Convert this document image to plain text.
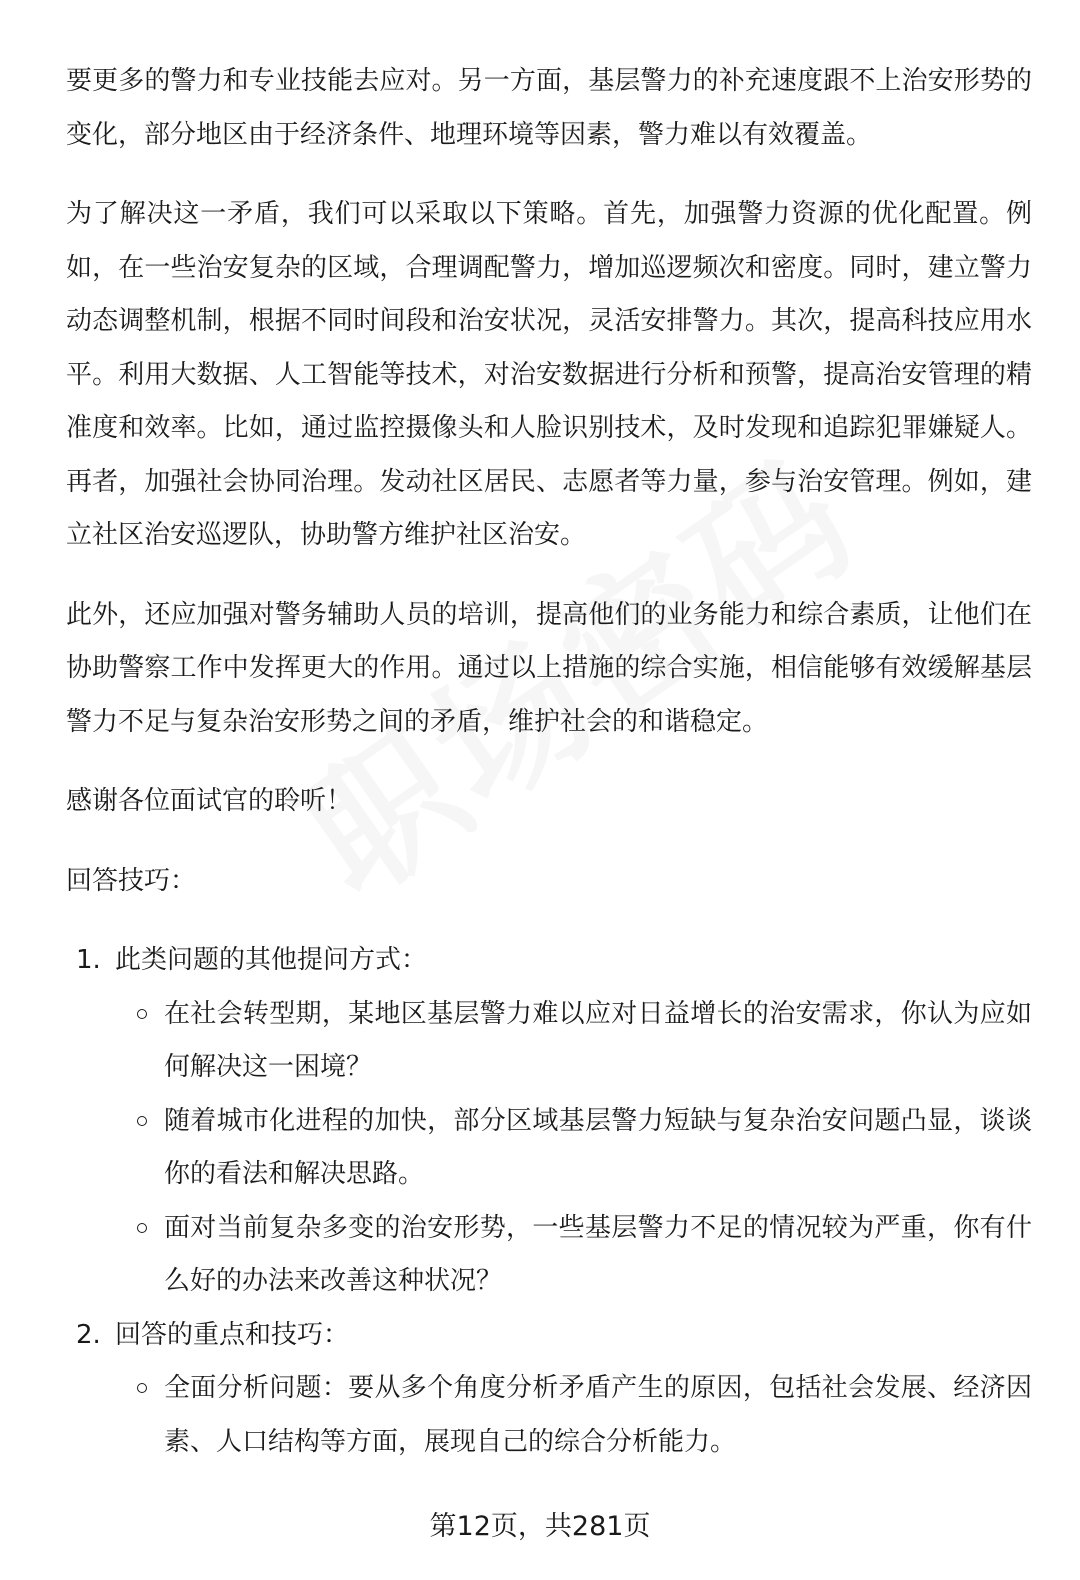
要更多的警力和专业技能去应对。另一方面，基层警力的补充速度跟不上治安形势的变化，部分地区由于经济条件、地理环境等因素，警力难以有效覆盖。

为了解决这一矛盾，我们可以采取以下策略。首先，加强警力资源的优化配置。例如，在一些治安复杂的区域，合理调配警力，增加巡逻频次和密度。同时，建立警力动态调整机制，根据不同时间段和治安状况，灵活安排警力。其次，提高科技应用水平。利用大数据、人工智能等技术，对治安数据进行分析和预警，提高治安管理的精准度和效率。比如，通过监控摄像头和人脸识别技术，及时发现和追踪犯罪嫌疑人。再者，加强社会协同治理。发动社区居民、志愿者等力量，参与治安管理。例如，建立社区治安巡逻队，协助警方维护社区治安。

此外，还应加强对警务辅助人员的培训，提高他们的业务能力和综合素质，让他们在协助警察工作中发挥更大的作用。通过以上措施的综合实施，相信能够有效缓解基层警力不足与复杂治安形势之间的矛盾，维护社会的和谐稳定。

感谢各位面试官的聆听！

回答技巧：

1. 此类问题的其他提问方式：
在社会转型期，某地区基层警力难以应对日益增长的治安需求，你认为应如何解决这一困境？
随着城市化进程的加快，部分区域基层警力短缺与复杂治安问题凸显，谈谈你的看法和解决思路。
面对当前复杂多变的治安形势，一些基层警力不足的情况较为严重，你有什么好的办法来改善这种状况？
2. 回答的重点和技巧：
全面分析问题：要从多个角度分析矛盾产生的原因，包括社会发展、经济因素、人口结构等方面，展现自己的综合分析能力。
第12页，共281页
